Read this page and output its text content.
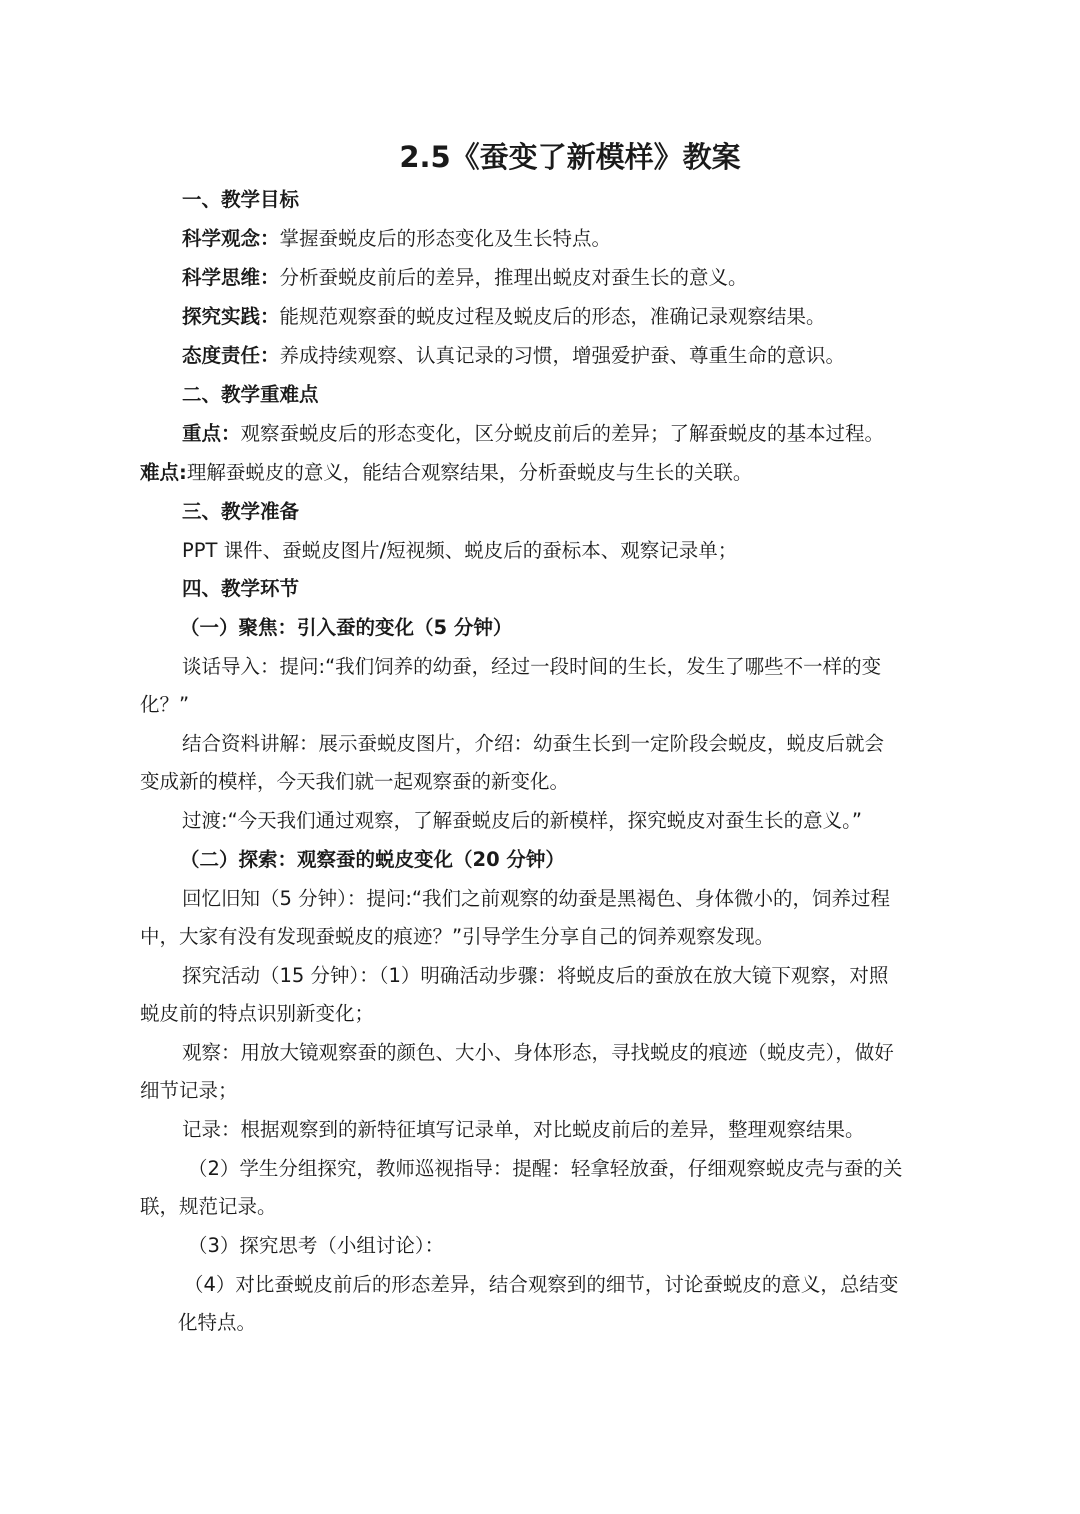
2.5《蚕变了新模样》教案

一、教学目标

科学观念：掌握蚕蜕皮后的形态变化及生长特点。

科学思维：分析蚕蜕皮前后的差异，推理出蜕皮对蚕生长的意义。

探究实践：能规范观察蚕的蜕皮过程及蜕皮后的形态，准确记录观察结果。

态度责任：养成持续观察、认真记录的习惯，增强爱护蚕、尊重生命的意识。

二、教学重难点

重点：观察蚕蜕皮后的形态变化，区分蜕皮前后的差异；了解蚕蜕皮的基本过程。

难点:理解蚕蜕皮的意义，能结合观察结果，分析蚕蜕皮与生长的关联。

三、教学准备

PPT 课件、蚕蜕皮图片/短视频、蜕皮后的蚕标本、观察记录单；

四、教学环节

（一）聚焦：引入蚕的变化（5 分钟）

谈话导入：提问:“我们饲养的幼蚕，经过一段时间的生长，发生了哪些不一样的变

化？”

结合资料讲解：展示蚕蜕皮图片，介绍：幼蚕生长到一定阶段会蜕皮，蜕皮后就会

变成新的模样，今天我们就一起观察蚕的新变化。

过渡:“今天我们通过观察，了解蚕蜕皮后的新模样，探究蜕皮对蚕生长的意义。”

（二）探索：观察蚕的蜕皮变化（20 分钟）

回忆旧知（5 分钟）：提问:“我们之前观察的幼蚕是黑褐色、身体微小的，饲养过程

中，大家有没有发现蚕蜕皮的痕迹？”引导学生分享自己的饲养观察发现。

探究活动（15 分钟）：（1）明确活动步骤：将蜕皮后的蚕放在放大镜下观察，对照

蜕皮前的特点识别新变化；

观察：用放大镜观察蚕的颜色、大小、身体形态，寻找蜕皮的痕迹（蜕皮壳），做好

细节记录；

记录：根据观察到的新特征填写记录单，对比蜕皮前后的差异，整理观察结果。

（2）学生分组探究，教师巡视指导：提醒：轻拿轻放蚕，仔细观察蜕皮壳与蚕的关

联，规范记录。

（3）探究思考（小组讨论）：

（4）对比蚕蜕皮前后的形态差异，结合观察到的细节，讨论蚕蜕皮的意义，总结变

化特点。
